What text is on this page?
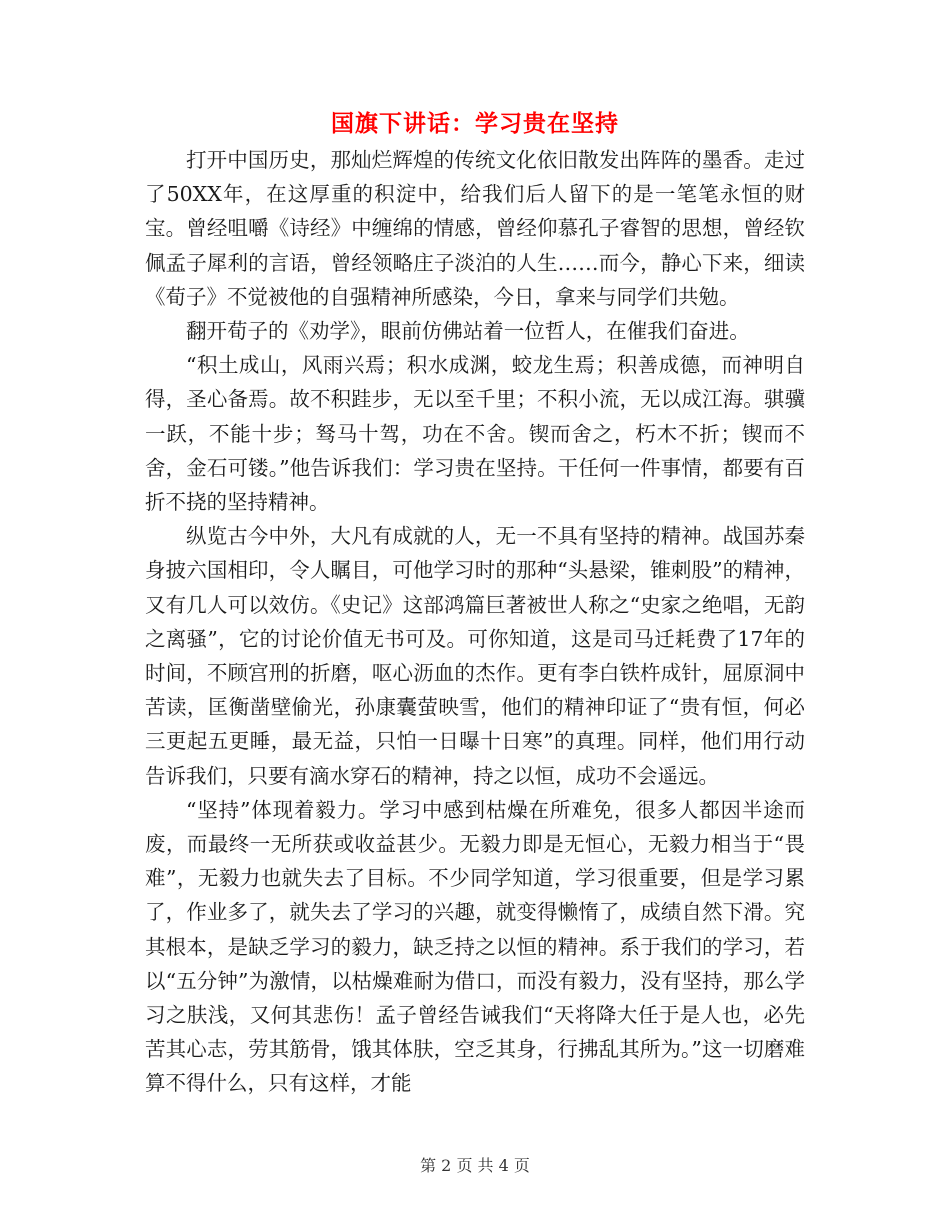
国旗下讲话：学习贵在坚持

打开中国历史，那灿烂辉煌的传统文化依旧散发出阵阵的墨香。走过了50XX年，在这厚重的积淀中，给我们后人留下的是一笔笔永恒的财宝。曾经咀嚼《诗经》中缠绵的情感，曾经仰慕孔子睿智的思想，曾经钦佩孟子犀利的言语，曾经领略庄子淡泊的人生……而今，静心下来，细读《荀子》不觉被他的自强精神所感染，今日，拿来与同学们共勉。

翻开荀子的《劝学》，眼前仿佛站着一位哲人，在催我们奋进。

“积土成山，风雨兴焉；积水成渊，蛟龙生焉；积善成德，而神明自得，圣心备焉。故不积跬步，无以至千里；不积小流，无以成江海。骐骥一跃，不能十步；驽马十驾，功在不舍。锲而舍之，朽木不折；锲而不舍，金石可镂。”他告诉我们：学习贵在坚持。干任何一件事情，都要有百折不挠的坚持精神。

纵览古今中外，大凡有成就的人，无一不具有坚持的精神。战国苏秦身披六国相印，令人瞩目，可他学习时的那种“头悬梁，锥刺股”的精神，又有几人可以效仿。《史记》这部鸿篇巨著被世人称之“史家之绝唱，无韵之离骚”，它的讨论价值无书可及。可你知道，这是司马迁耗费了17年的时间，不顾宫刑的折磨，呕心沥血的杰作。更有李白铁杵成针，屈原洞中苦读，匡衡凿壁偷光，孙康囊萤映雪，他们的精神印证了“贵有恒，何必三更起五更睡，最无益，只怕一日曝十日寒”的真理。同样，他们用行动告诉我们，只要有滴水穿石的精神，持之以恒，成功不会遥远。

“坚持”体现着毅力。学习中感到枯燥在所难免，很多人都因半途而废，而最终一无所获或收益甚少。无毅力即是无恒心，无毅力相当于“畏难”，无毅力也就失去了目标。不少同学知道，学习很重要，但是学习累了，作业多了，就失去了学习的兴趣，就变得懒惰了，成绩自然下滑。究其根本，是缺乏学习的毅力，缺乏持之以恒的精神。系于我们的学习，若以“五分钟”为激情，以枯燥难耐为借口，而没有毅力，没有坚持，那么学习之肤浅，又何其悲伤！孟子曾经告诫我们“天将降大任于是人也，必先苦其心志，劳其筋骨，饿其体肤，空乏其身，行拂乱其所为。”这一切磨难算不得什么，只有这样，才能

第 2 页 共 4 页
